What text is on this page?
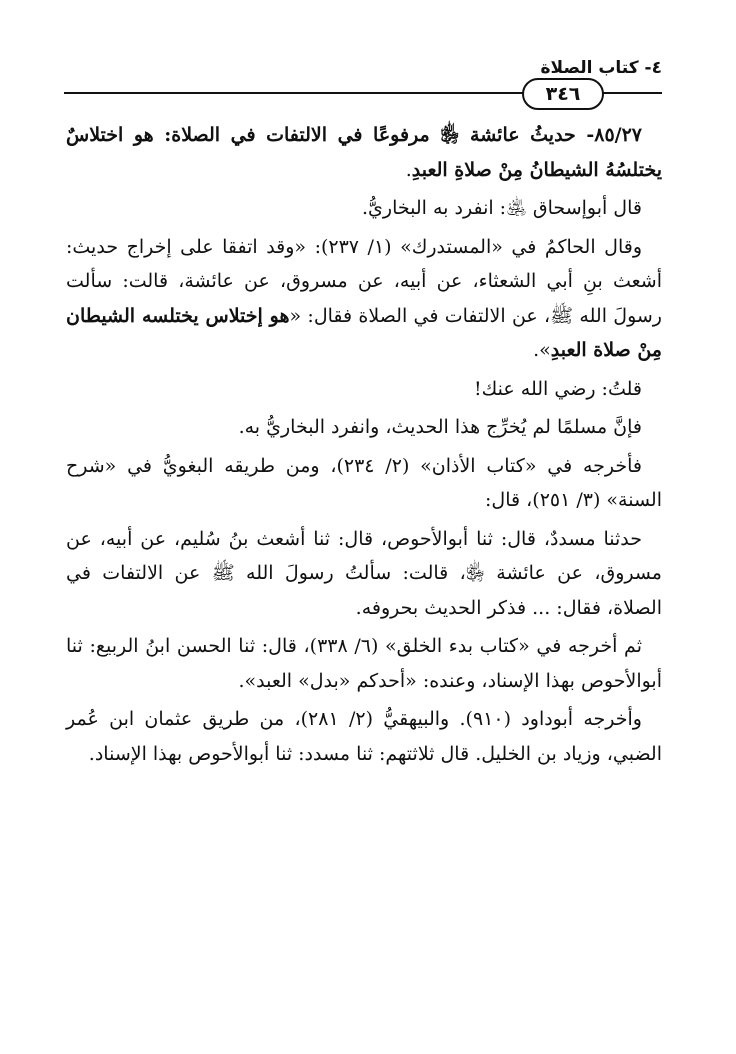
٤- كتاب الصلاة
٣٤٦

٨٥/٢٧- حديثُ عائشة ﵂ مرفوعًا في الالتفات في الصلاة: هو اختلاسٌ يختلسُهُ الشيطانُ مِنْ صلاةِ العبدِ.

قال أبوإسحاق ﵁: انفرد به البخاريُّ.

وقال الحاكمُ في «المستدرك» (١/ ٢٣٧): «وقد اتفقا على إخراج حديث: أشعث بنِ أبي الشعثاء، عن أبيه، عن مسروق، عن عائشة، قالت: سألت رسولَ الله ﷺ، عن الالتفات في الصلاة فقال: «هو إختلاس يختلسه الشيطان مِنْ صلاة العبدِ».

قلتُ: رضي الله عنك!

فإنَّ مسلمًا لم يُخرِّج هذا الحديث، وانفرد البخاريُّ به.

فأخرجه في «كتاب الأذان» (٢/ ٢٣٤)، ومن طريقه البغويُّ في «شرح السنة» (٣/ ٢٥١)، قال:

حدثنا مسددٌ، قال: ثنا أبوالأحوص، قال: ثنا أشعث بنُ سُليم، عن أبيه، عن مسروق، عن عائشة ﵂، قالت: سألتُ رسولَ الله ﷺ عن الالتفات في الصلاة، فقال: ... فذكر الحديث بحروفه.

ثم أخرجه في «كتاب بدء الخلق» (٦/ ٣٣٨)، قال: ثنا الحسن ابنُ الربيع: ثنا أبوالأحوص بهذا الإسناد، وعنده: «أحدكم «بدل» العبد».

وأخرجه أبوداود (٩١٠). والبيهقيُّ (٢/ ٢٨١)، من طريق عثمان ابن عُمر الضبي، وزياد بن الخليل. قال ثلاثتهم: ثنا مسدد: ثنا أبوالأحوص بهذا الإسناد.
